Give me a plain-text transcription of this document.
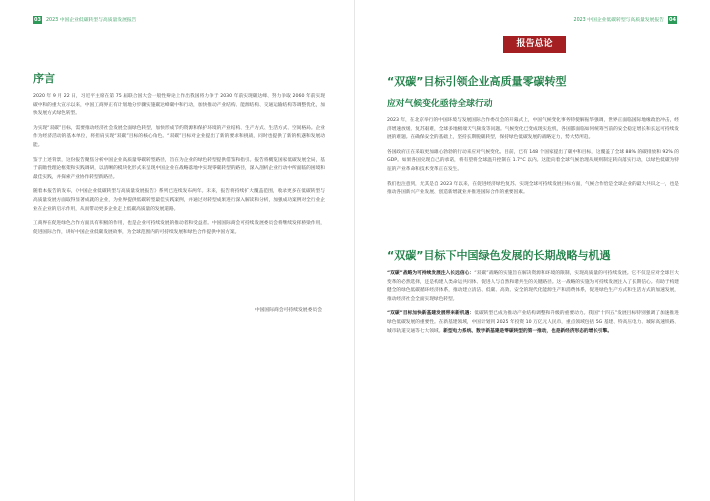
03 2023 中国企业低碳转型与高质量发展报告
序言

2020 年 9 月 22 日，习近平主席在第 75 届联合国大会一般性辩论上作出我国将力争于 2030 年前实现碳达峰、努力争取 2060 年前实现碳中和的重大宣示以来，中国工商界正有计划地分步骤实施碳达峰碳中和行动，加快推动产业结构、能源结构、交通运输结构等调整优化，加快发展方式绿色转型。

为实现“双碳”目标，需要推动经济社会发展全面绿色转型，加快形成节约资源和保护环境的产业结构、生产方式、生活方式、空间格局。企业作为经济活动的基本单位，将担肩实现“双碳”目标的核心角色。“双碳”目标对企业提出了新的要求和挑战，同时也提供了新的机遇和发展动能。

鉴于上述背景，这份报告聚焦分析中国企业高质量零碳转型路径，旨在为企业的绿色转型提供借鉴和指引。报告将概览国家低碳发展全局，基于前瞻性理论框架和实践调研，以清晰的模块化形式来呈现中国企业在战略落地中实现零碳转型的路径，深入剖析企业行动中所面临的困境和最佳实践，并探索产业协作转型新路径。

随着本报告的发布，《中国企业低碳转型与高质量发展报告》系列已连续发布两年。未来，报告将持续扩大覆盖范围，收录更多在低碳转型与高质量发展方面取得显著成就的企业，为业界提供低碳转型最佳实践案例，并通过对转型成果进行深入解读和分析，加强成功案例对全行业企业在企业的启示作用，从而带动更多企业走上低碳高质量的发展道路。

工商界在促进绿色合作方面具有积极的作用，也是企业可持续发展的推动者和受益者。中国国际商会可持续发展委员会将继续发挥桥梁作用，促进国际合作，讲好中国企业低碳发展故事，为全球范围内的可持续发展和绿色合作提供中国方案。

中国国际商会可持续发展委员会
2023 中国企业低碳转型与高质量发展报告 04
报告总论
“双碳”目标引领企业高质量零碳转型
应对气候变化亟待全球行动

2023 年，在北京举行的中国环境与发展国际合作委员会的开幕式上，中国气候变化事务特使解振华强调，世界正面临国际地缘政治冲击，经济增速放缓、复苏艰难，全球多地极端天气频发等问题。气候变化已变成现实危机，各国都面临如何统筹当前的安全稳定增长和长远可持续发展的难题。在确保安全的基础上，坚持长期脱碳转型，保持绿色低碳发展的战略定力，势大势所趋。

各国政府正在采取更加雄心勃勃的行动来应对气候变化。目前，已有 148 个国家提出了碳中和目标，这覆盖了全球 88% 的碳排放和 92% 的 GDP。如果各国兑现自己的承诺，将有望将全球温升控制在 1.7°C 以内。这能向着全球气候治理从规则制定转向落实行动，以绿色低碳为特征的产业革命和技术变革正在发生。

我们也注意到，尤其是自 2023 年以来，在促进经济绿色复苏、实现全球可持续发展目标方面，气候合作恰是全球企业的最大共识之一，也是推动各国新兴产业发展、创造新增就业并推进国际合作的重要因素。

“双碳”目标下中国绿色发展的长期战略与机遇

“双碳”战略为可持续发展注入长远信心：“双碳”战略的实施旨在解决资源和环境的限制，实现高质量的可持续发展。它不仅是应对全球巨大变革的必然选择，还是构建人类命运共同体、促进人与自然和谐共生的关键路径。这一战略的实施为可持续发展注入了长期信心。有助于构建健全的绿色低碳循环经济体系，推动建立清洁、低碳、高效、安全的现代化能源生产和消费体系，促进绿色生产方式和生活方式的加速发展，推动经济社会全面实现绿色转型。

“双碳”目标加快新基建发展带来新机遇：低碳转型已成为推动产业结构调整和升级的重要动力。我国“十四五”发展目标特别强调了加速推进绿色低碳发展的重要性。在新基建领域，中国计划到 2025 年投资 10 万亿元人民币，重点领域包括 5G 基建、特高压电力、城际高速铁路、城市轨道交通等七大领域。新型电力系统、数字新基建是零碳转型的第一推动，也是新经济形态的增长引擎。
